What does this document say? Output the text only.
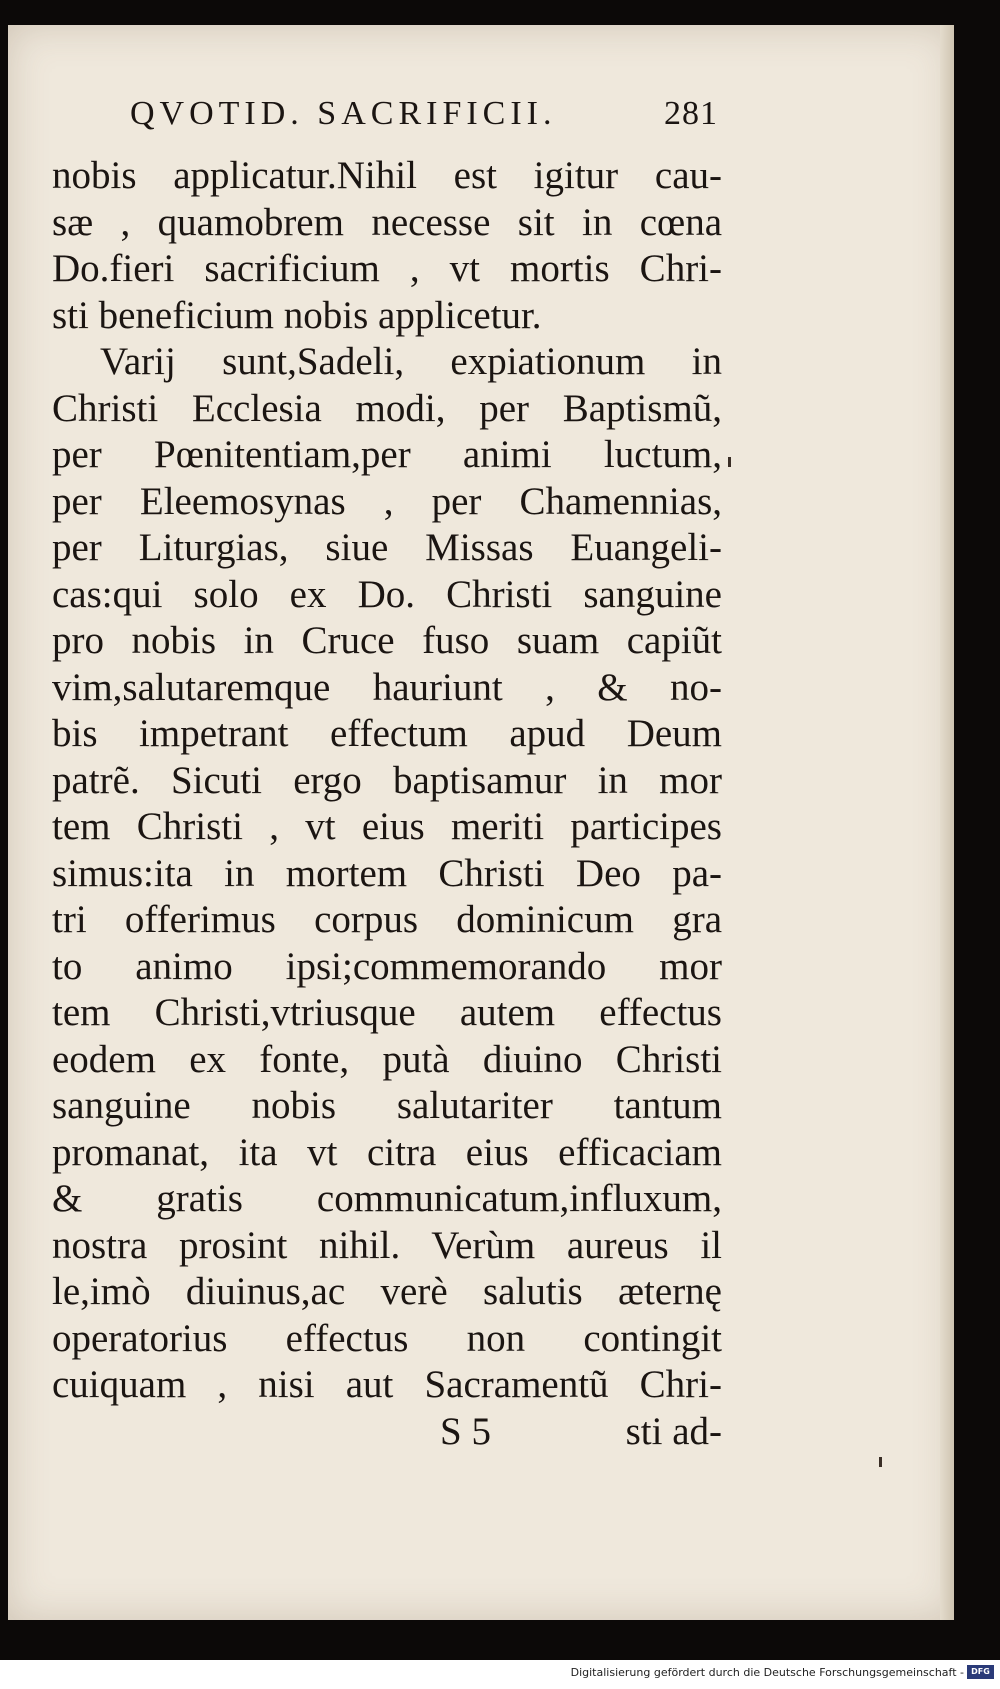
QVOTID. SACRIFICII.	281
nobis applicatur.Nihil est igitur cau-
sæ , quamobrem necesse sit in cœna
Do.fieri sacrificium , vt mortis Chri-
sti beneficium nobis applicetur.
Varij sunt,Sadeli, expiationum in
Christi Ecclesia modi, per Baptismũ,
per Pœnitentiam,per animi luctum,
per Eleemosynas , per Chamennias,
per Liturgias, siue Missas Euangeli-
cas:qui solo ex Do. Christi sanguine
pro nobis in Cruce fuso suam capiũt
vim,salutaremque hauriunt , & no-
bis impetrant effectum apud Deum
patrẽ. Sicuti ergo baptisamur in mor
tem Christi , vt eius meriti participes
simus:ita in mortem Christi Deo pa-
tri offerimus corpus dominicum gra
to animo ipsi;commemorando mor
tem Christi,vtriusque autem effectus
eodem ex fonte, putà diuino Christi
sanguine nobis salutariter tantum
promanat, ita vt citra eius efficaciam
& gratis communicatum,influxum,
nostra prosint nihil. Verùm aureus il
le,imò diuinus,ac verè salutis æternę
operatorius effectus non contingit
cuiquam , nisi aut Sacramentũ Chri-
S 5	sti ad-
Digitalisierung gefördert durch die Deutsche Forschungsgemeinschaft - DFG
